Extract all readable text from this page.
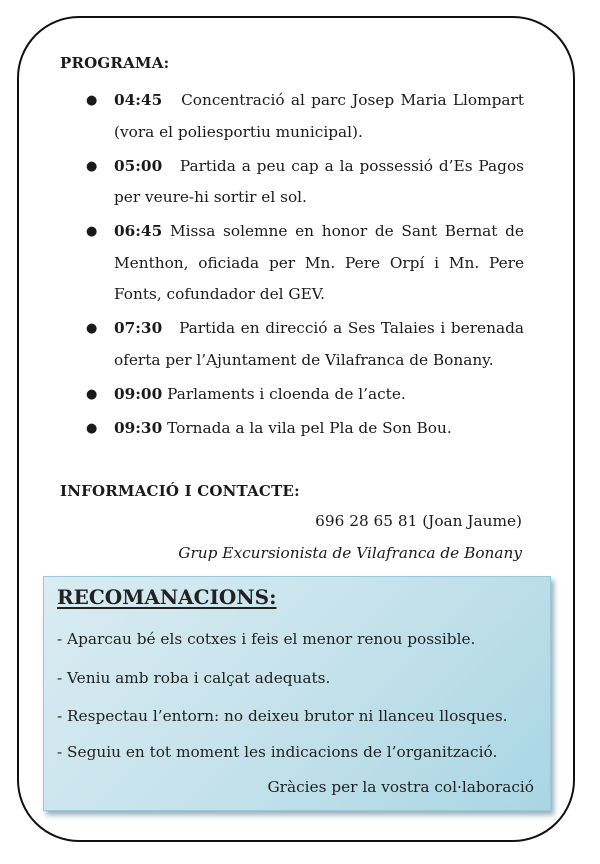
PROGRAMA:
● 04:45 Concentració al parc Josep Maria Llompart (vora el poliesportiu municipal).
● 05:00 Partida a peu cap a la possessió d’Es Pagos per veure-hi sortir el sol.
● 06:45 Missa solemne en honor de Sant Bernat de Menthon, oficiada per Mn. Pere Orpí i Mn. Pere Fonts, cofundador del GEV.
● 07:30 Partida en direcció a Ses Talaies i berenada oferta per l’Ajuntament de Vilafranca de Bonany.
● 09:00 Parlaments i cloenda de l’acte.
● 09:30 Tornada a la vila pel Pla de Son Bou.
INFORMACIÓ I CONTACTE:
696 28 65 81 (Joan Jaume)
Grup Excursionista de Vilafranca de Bonany
RECOMANACIONS:
- Aparcau bé els cotxes i feis el menor renou possible.
- Veniu amb roba i calçat adequats.
- Respectau l’entorn: no deixeu brutor ni llanceu llosques.
- Seguiu en tot moment les indicacions de l’organització.
Gràcies per la vostra col·laboració
